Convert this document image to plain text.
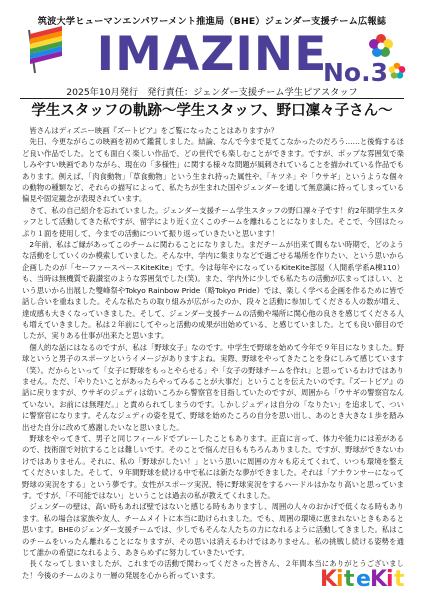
筑波大学ヒューマンエンパワーメント推進局（BHE）ジェンダー支援チーム広報誌
IMAZINE
No.3
2025年10月発行　発行責任：ジェンダー支援チーム学生ピアスタッフ
学生スタッフの軌跡〜学生スタッフ、野口凜々子さん〜

皆さんはディズニー映画『ズートピア』をご覧になったことはありますか？

先日、今更ながらこの映画を初めて鑑賞しました。結論、なんで今まで見てこなかったのだろう……と後悔するほど良い作品でした。とても面白く楽しい作品で、どの世代でも楽しむことができます。ですが、ポップな雰囲気で楽しみやすい映画でありながら、現在の「多様性」に関する様々な問題が風刺されていることを描かれている作品でもあります。例えば、「肉食動物」「草食動物」という生まれ持った属性や、「キツネ」や「ウサギ」というような個々の動物の種類など、それらの描写によって、私たちが生まれた国やジェンダーを通して無意識に持ってしまっている偏見や固定観念が表現されています。

さて、私の自己紹介を忘れていました。ジェンダー支援チーム学生スタッフの野口凜々子です！約2年間学生スタッフとして活動してきた私ですが、留学により近く立くこのチームを離れることになりました。そこで、今回はたっぷり１面を使用して、今までの活動について振り返っていきたいと思います！

2年前、私はご縁があってこのチームに関わることになりました。まだチームが出来て間もない時期で、どのような活動をしていくのか模索していました。そんな中、学内に集まりなどで過ごせる場所を作りたい、という思いから企画したのが「セーファースペースKiteKite」です。今は毎年やになっているKiteKite部屋（人間系学系A棟110）も、当時は無機質で殺讃室のような雰囲気でした(笑)。また、学内外に少しでも私たちの活動が広まってほしい、という思いから出展した雙峰祭やTokyo Rainbow Pride（略Tokyo Pride）では、楽しく学べる企画を作るために皆で話し合いを重ねました。そんな私たちの取り組みが広がったのか、段々と活動に参加してくださる人の数が増え、達成感も大きくなっていきました。そして、ジェンダー支援チームの活動や場所に関心他の良さを感じてくださる人も増えていきました。私は２年前にしてやっと活動の成果が出始めている、と感じていました。とても良い節目のでしたが、実りある仕事が出来たと思います。

個人的な話にはなるのですが、私は「野球女子」なのです。中学生で野球を始めて今年で９年目になりました。野球というと男子のスポーツというイメージがありますよね。実際、野球をやってきたことを身にしみて感じています（笑）。だからといって「女子に野球をもっとやらせる」や「女子の野球チームを作れ」と思っているわけではありません。ただ、「やりたいことがあったらやってみることが大事だ」ということを伝えたいのです。『ズートピア』の話に戻りますが、ウサギのジュディは幼いころから警察官を目指していたのですが、周囲から「ウサギの警察官なんていない。お前には無理だ。」と責められてしまうのです。しかしジュディは自分の「なりたい」を追求して、ついに警察官になります。そんなジュディの姿を見て、野球を始めたころの自分を思い出し、あのとき大きな１歩を踏み出せた自分に改めて感謝したいなと思いました。

野球をやってきて、男子と同じフィールドでプレーしたこともあります。正直に言って、体力や能力には差があるので、技術面で対抗することは難しいです。そのことで悩んだ日ももちろんありました。ですが、野球ができないわけではありません。それに、私の「野球がしたい！」という思いに周囲の方々も応えてくれて、いつも環境を整えてくださいました。そして、９年間野球を続ける中で私には新たな夢ができました。それは「アナウンサーになって野球の実況をする」という夢です。女性がスポーツ実況、特に野球実況をするハードルはかなり高いと思っています。ですが、「不可能ではない」ということは過去の私が教えてくれました。

ジェンダーの壁は、高い時もあれば壁ではないと感じる時もありますし、周囲の人々のおかげで低くなる時もあります。私の場合は家族や友人、チームメイトに本当に助けられました。でも、周囲の環境に恵まれないときもあると思います。BHEのジェンダー支援チームでは、少しでもそんな人たちの力になれるように活動してきました。私はこのチームをいったん離れることになりますが、その思いは消えるわけではありません。私の挑戦し続ける姿勢を通じて誰かの希望になれるよう、あきらめずに努力していきたいです。

長くなってしまいましたが、これまでの活動で関わってくださった皆さん、２年間本当にありがとうございました！今後のチームのより一層の発展を心から祈っています。	K
i t e K
i t
